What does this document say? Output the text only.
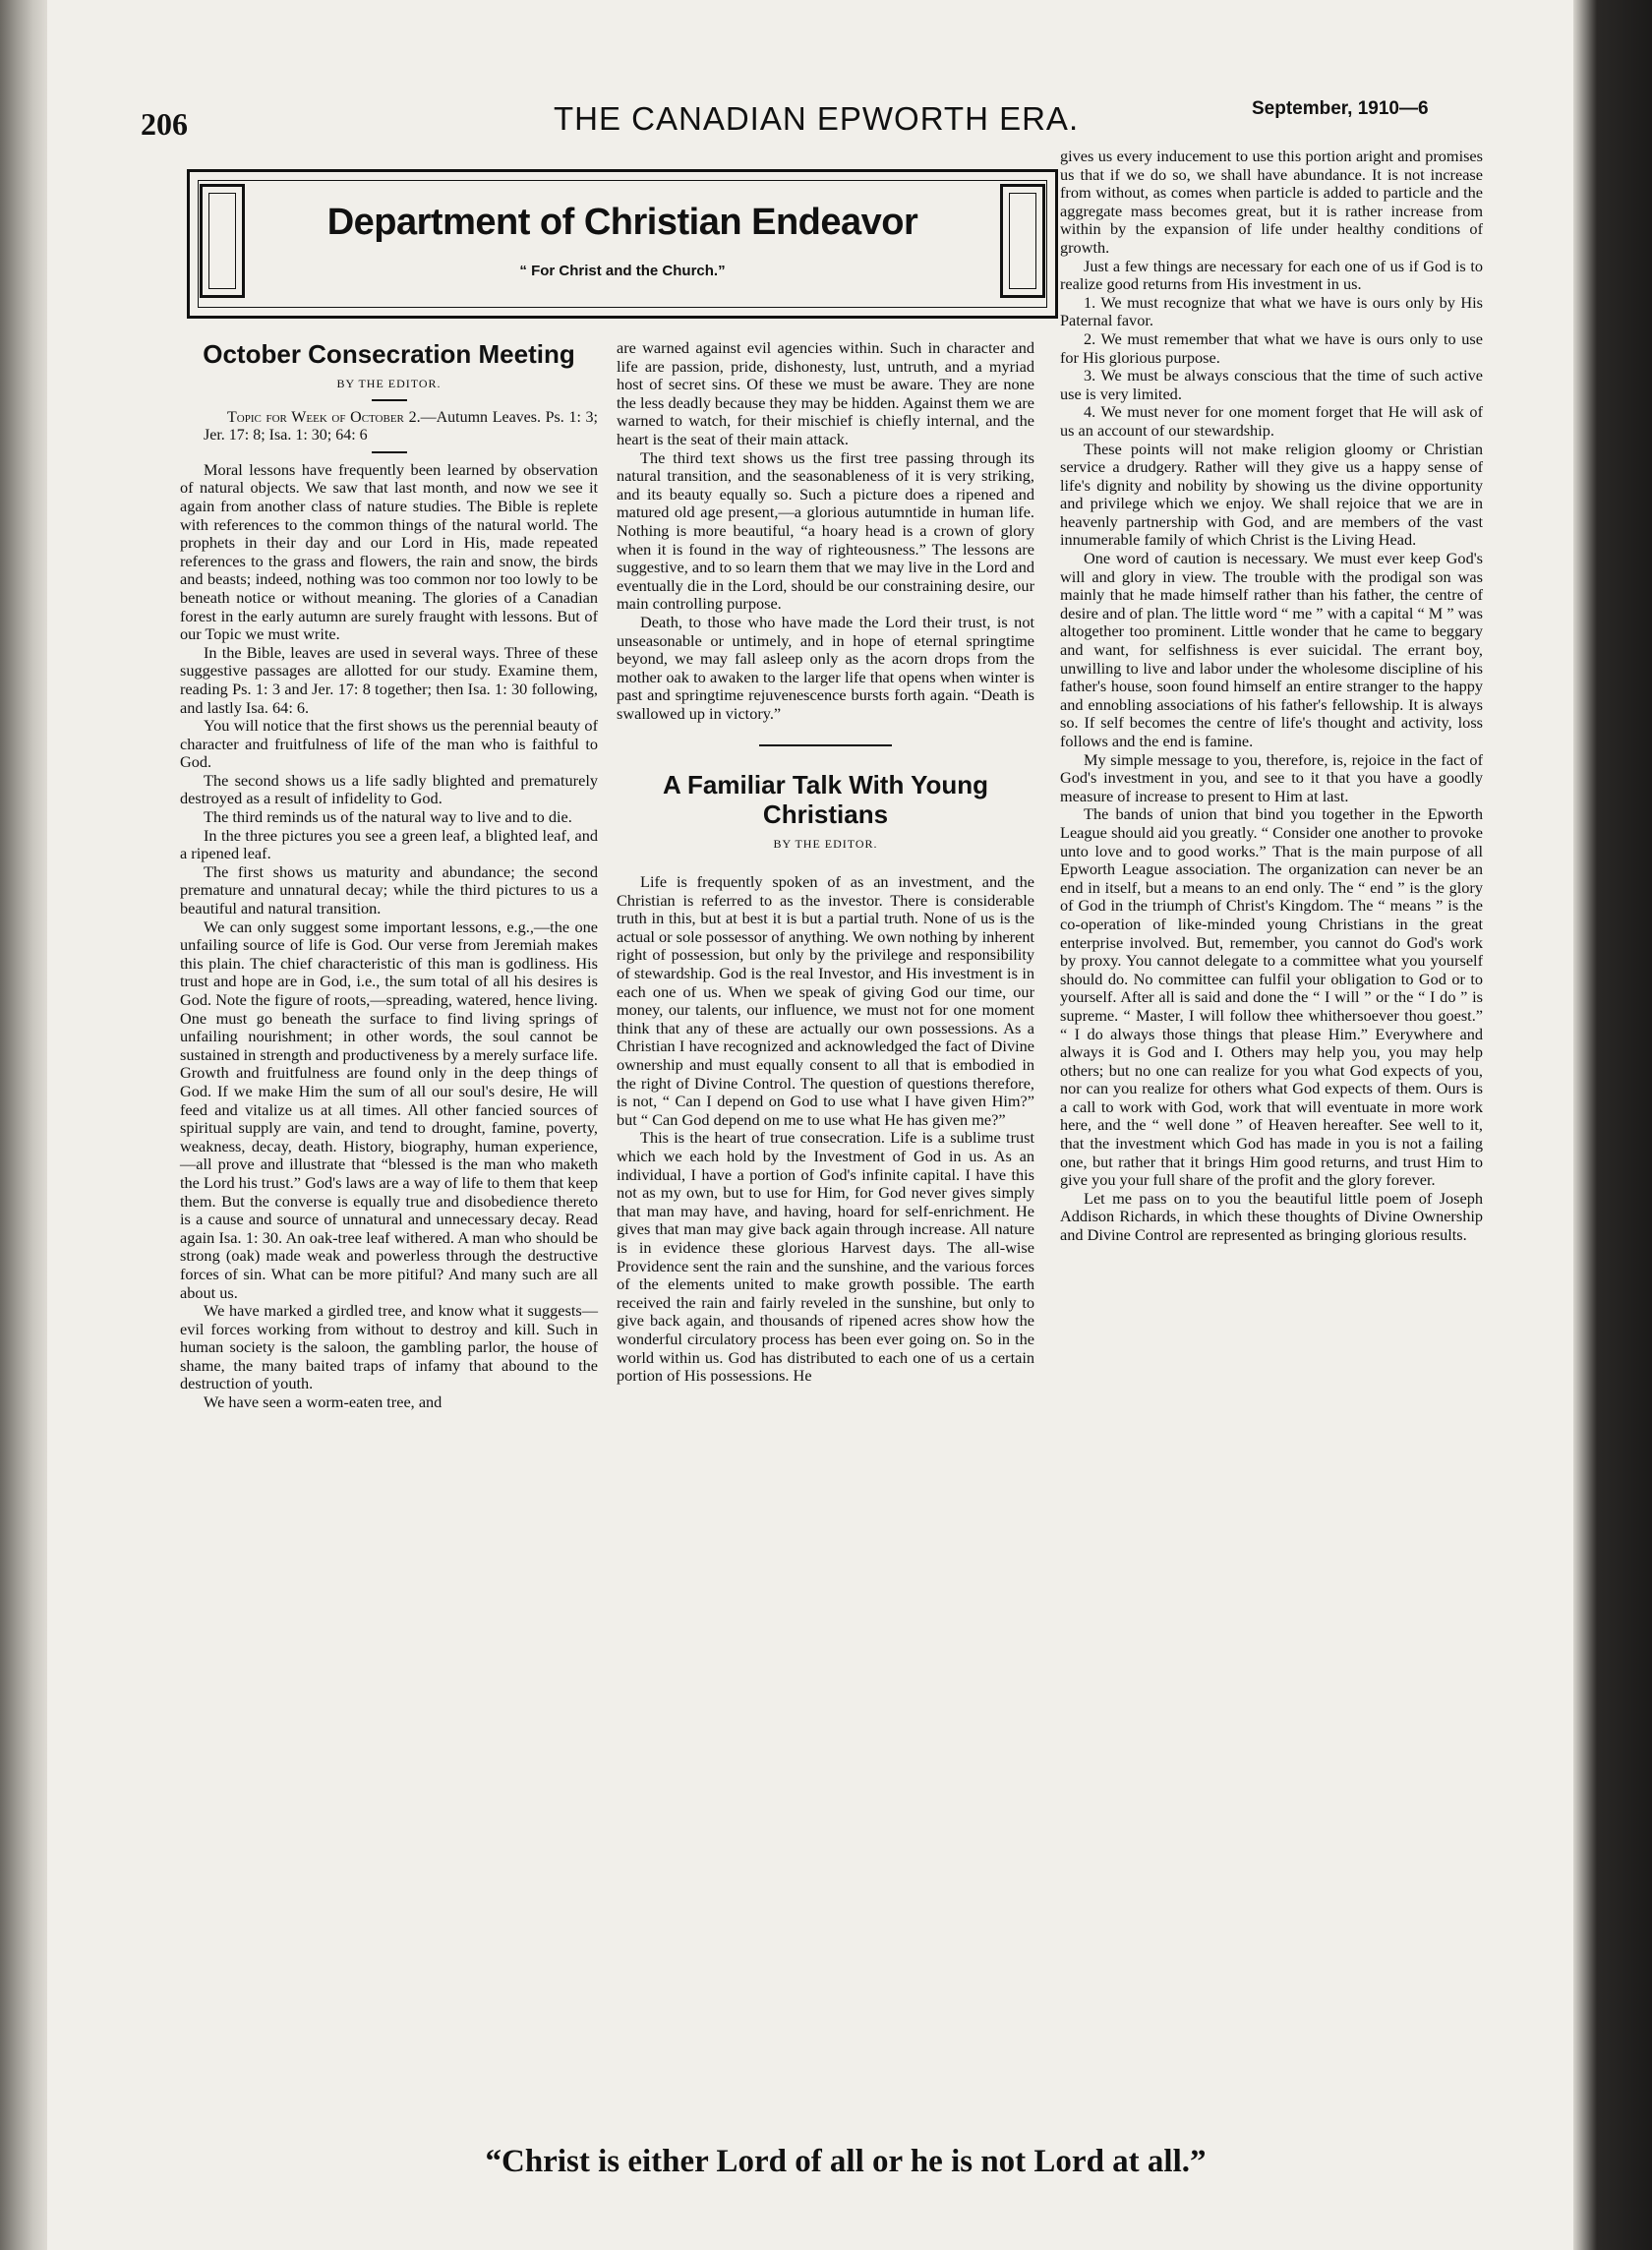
206	THE CANADIAN EPWORTH ERA.	September, 1910—6
Department of Christian Endeavor
“ For Christ and the Church.”
October Consecration Meeting
BY THE EDITOR.

Topic for Week of October 2.—Autumn Leaves. Ps. 1: 3; Jer. 17: 8; Isa. 1: 30; 64: 6

Moral lessons have frequently been learned by observation of natural objects. We saw that last month, and now we see it again from another class of nature studies. The Bible is replete with references to the common things of the natural world. The prophets in their day and our Lord in His, made repeated references to the grass and flowers, the rain and snow, the birds and beasts; indeed, nothing was too common nor too lowly to be beneath notice or without meaning. The glories of a Canadian forest in the early autumn are surely fraught with lessons. But of our Topic we must write.

In the Bible, leaves are used in several ways. Three of these suggestive passages are allotted for our study. Examine them, reading Ps. 1: 3 and Jer. 17: 8 together; then Isa. 1: 30 following, and lastly Isa. 64: 6.

You will notice that the first shows us the perennial beauty of character and fruitfulness of life of the man who is faithful to God.

The second shows us a life sadly blighted and prematurely destroyed as a result of infidelity to God.

The third reminds us of the natural way to live and to die.

In the three pictures you see a green leaf, a blighted leaf, and a ripened leaf.

The first shows us maturity and abundance; the second premature and unnatural decay; while the third pictures to us a beautiful and natural transition.

We can only suggest some important lessons, e.g.,—the one unfailing source of life is God. Our verse from Jeremiah makes this plain. The chief characteristic of this man is godliness. His trust and hope are in God, i.e., the sum total of all his desires is God. Note the figure of roots,—spreading, watered, hence living. One must go beneath the surface to find living springs of unfailing nourishment; in other words, the soul cannot be sustained in strength and productiveness by a merely surface life. Growth and fruitfulness are found only in the deep things of God. If we make Him the sum of all our soul's desire, He will feed and vitalize us at all times. All other fancied sources of spiritual supply are vain, and tend to drought, famine, poverty, weakness, decay, death. History, biography, human experience,—all prove and illustrate that “blessed is the man who maketh the Lord his trust.” God's laws are a way of life to them that keep them. But the converse is equally true and disobedience thereto is a cause and source of unnatural and unnecessary decay. Read again Isa. 1: 30. An oak-tree leaf withered. A man who should be strong (oak) made weak and powerless through the destructive forces of sin. What can be more pitiful? And many such are all about us.

We have marked a girdled tree, and know what it suggests—evil forces working from without to destroy and kill. Such in human society is the saloon, the gambling parlor, the house of shame, the many baited traps of infamy that abound to the destruction of youth.

We have seen a worm-eaten tree, and

are warned against evil agencies within. Such in character and life are passion, pride, dishonesty, lust, untruth, and a myriad host of secret sins. Of these we must be aware. They are none the less deadly because they may be hidden. Against them we are warned to watch, for their mischief is chiefly internal, and the heart is the seat of their main attack.

The third text shows us the first tree passing through its natural transition, and the seasonableness of it is very striking, and its beauty equally so. Such a picture does a ripened and matured old age present,—a glorious autumntide in human life. Nothing is more beautiful, “a hoary head is a crown of glory when it is found in the way of righteousness.” The lessons are suggestive, and to so learn them that we may live in the Lord and eventually die in the Lord, should be our constraining desire, our main controlling purpose.

Death, to those who have made the Lord their trust, is not unseasonable or untimely, and in hope of eternal springtime beyond, we may fall asleep only as the acorn drops from the mother oak to awaken to the larger life that opens when winter is past and springtime rejuvenescence bursts forth again. “Death is swallowed up in victory.”

A Familiar Talk With Young Christians
BY THE EDITOR.

Life is frequently spoken of as an investment, and the Christian is referred to as the investor. There is considerable truth in this, but at best it is but a partial truth. None of us is the actual or sole possessor of anything. We own nothing by inherent right of possession, but only by the privilege and responsibility of stewardship. God is the real Investor, and His investment is in each one of us. When we speak of giving God our time, our money, our talents, our influence, we must not for one moment think that any of these are actually our own possessions. As a Christian I have recognized and acknowledged the fact of Divine ownership and must equally consent to all that is embodied in the right of Divine Control. The question of questions therefore, is not, “ Can I depend on God to use what I have given Him?” but “ Can God depend on me to use what He has given me?”

This is the heart of true consecration. Life is a sublime trust which we each hold by the Investment of God in us. As an individual, I have a portion of God's infinite capital. I have this not as my own, but to use for Him, for God never gives simply that man may have, and having, hoard for self-enrichment. He gives that man may give back again through increase. All nature is in evidence these glorious Harvest days. The all-wise Providence sent the rain and the sunshine, and the various forces of the elements united to make growth possible. The earth received the rain and fairly reveled in the sunshine, but only to give back again, and thousands of ripened acres show how the wonderful circulatory process has been ever going on. So in the world within us. God has distributed to each one of us a certain portion of His possessions. He

gives us every inducement to use this portion aright and promises us that if we do so, we shall have abundance. It is not increase from without, as comes when particle is added to particle and the aggregate mass becomes great, but it is rather increase from within by the expansion of life under healthy conditions of growth.

Just a few things are necessary for each one of us if God is to realize good returns from His investment in us.

1. We must recognize that what we have is ours only by His Paternal favor.

2. We must remember that what we have is ours only to use for His glorious purpose.

3. We must be always conscious that the time of such active use is very limited.

4. We must never for one moment forget that He will ask of us an account of our stewardship.

These points will not make religion gloomy or Christian service a drudgery. Rather will they give us a happy sense of life's dignity and nobility by showing us the divine opportunity and privilege which we enjoy. We shall rejoice that we are in heavenly partnership with God, and are members of the vast innumerable family of which Christ is the Living Head.

One word of caution is necessary. We must ever keep God's will and glory in view. The trouble with the prodigal son was mainly that he made himself rather than his father, the centre of desire and of plan. The little word “ me ” with a capital “ M ” was altogether too prominent. Little wonder that he came to beggary and want, for selfishness is ever suicidal. The errant boy, unwilling to live and labor under the wholesome discipline of his father's house, soon found himself an entire stranger to the happy and ennobling associations of his father's fellowship. It is always so. If self becomes the centre of life's thought and activity, loss follows and the end is famine.

My simple message to you, therefore, is, rejoice in the fact of God's investment in you, and see to it that you have a goodly measure of increase to present to Him at last.

The bands of union that bind you together in the Epworth League should aid you greatly. “ Consider one another to provoke unto love and to good works.” That is the main purpose of all Epworth League association. The organization can never be an end in itself, but a means to an end only. The “ end ” is the glory of God in the triumph of Christ's Kingdom. The “ means ” is the co-operation of like-minded young Christians in the great enterprise involved. But, remember, you cannot do God's work by proxy. You cannot delegate to a committee what you yourself should do. No committee can fulfil your obligation to God or to yourself. After all is said and done the “ I will ” or the “ I do ” is supreme. “ Master, I will follow thee whithersoever thou goest.” “ I do always those things that please Him.” Everywhere and always it is God and I. Others may help you, you may help others; but no one can realize for you what God expects of you, nor can you realize for others what God expects of them. Ours is a call to work with God, work that will eventuate in more work here, and the “ well done ” of Heaven hereafter. See well to it, that the investment which God has made in you is not a failing one, but rather that it brings Him good returns, and trust Him to give you your full share of the profit and the glory forever.

Let me pass on to you the beautiful little poem of Joseph Addison Richards, in which these thoughts of Divine Ownership and Divine Control are represented as bringing glorious results.

“Christ is either Lord of all or he is not Lord at all.”
